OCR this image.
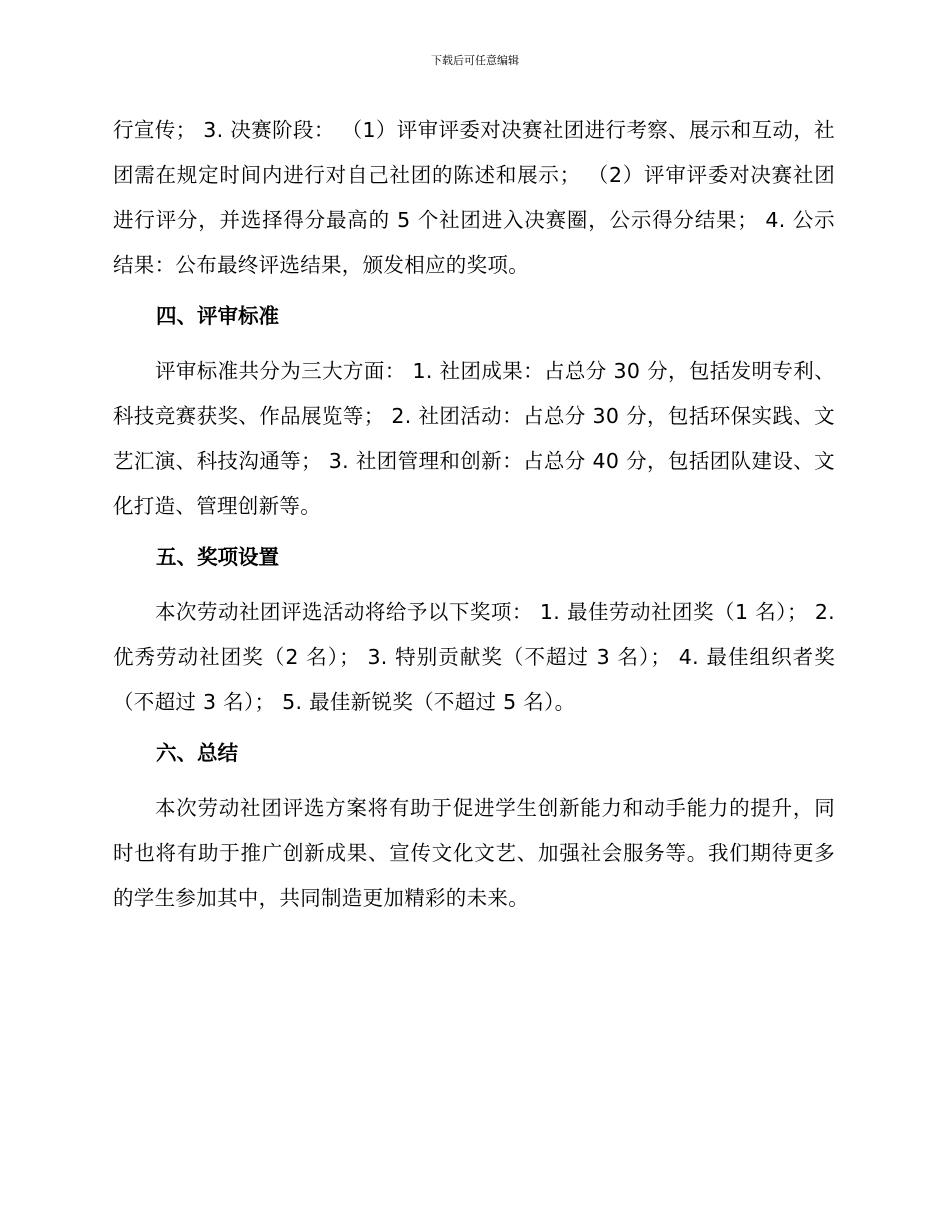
下载后可任意编辑

行宣传； 3. 决赛阶段： （1）评审评委对决赛社团进行考察、展示和互动，社团需在规定时间内进行对自己社团的陈述和展示； （2）评审评委对决赛社团进行评分，并选择得分最高的 5 个社团进入决赛圈，公示得分结果； 4. 公示结果：公布最终评选结果，颁发相应的奖项。

四、评审标准

评审标准共分为三大方面： 1. 社团成果：占总分 30 分，包括发明专利、科技竞赛获奖、作品展览等； 2. 社团活动：占总分 30 分，包括环保实践、文艺汇演、科技沟通等； 3. 社团管理和创新：占总分 40 分，包括团队建设、文化打造、管理创新等。

五、奖项设置

本次劳动社团评选活动将给予以下奖项： 1. 最佳劳动社团奖（1 名）； 2. 优秀劳动社团奖（2 名）； 3. 特别贡献奖（不超过 3 名）； 4. 最佳组织者奖（不超过 3 名）； 5. 最佳新锐奖（不超过 5 名）。

六、总结

本次劳动社团评选方案将有助于促进学生创新能力和动手能力的提升，同时也将有助于推广创新成果、宣传文化文艺、加强社会服务等。我们期待更多的学生参加其中，共同制造更加精彩的未来。
